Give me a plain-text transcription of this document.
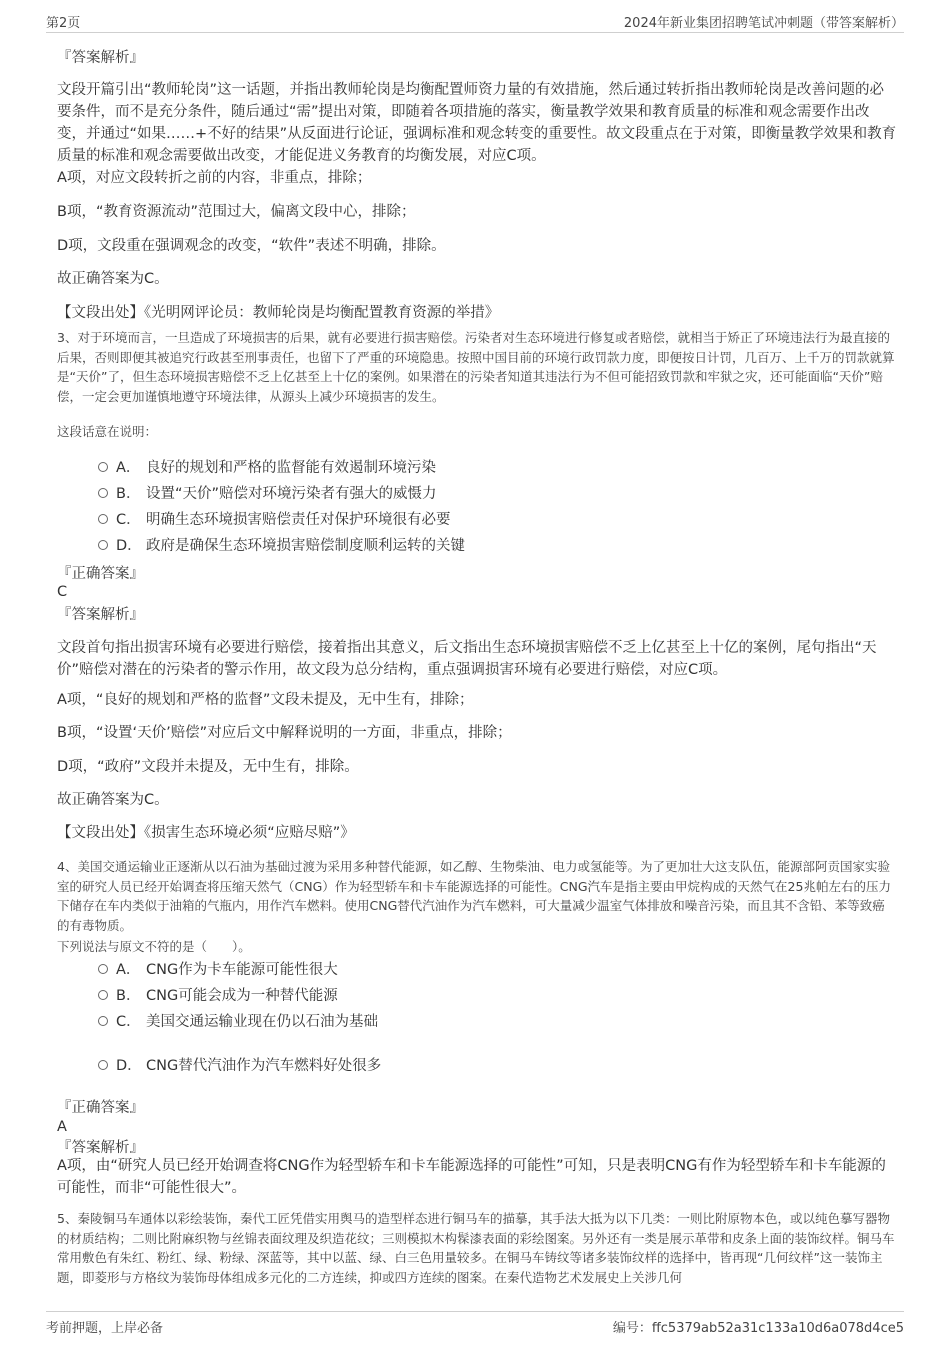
第2页	2024年新业集团招聘笔试冲刺题（带答案解析）

『答案解析』

文段开篇引出“教师轮岗”这一话题，并指出教师轮岗是均衡配置师资力量的有效措施，然后通过转折指出教师轮岗是改善问题的必要条件，而不是充分条件，随后通过“需”提出对策，即随着各项措施的落实，衡量教学效果和教育质量的标准和观念需要作出改变，并通过“如果……+不好的结果”从反面进行论证，强调标准和观念转变的重要性。故文段重点在于对策，即衡量教学效果和教育质量的标准和观念需要做出改变，才能促进义务教育的均衡发展，对应C项。

A项，对应文段转折之前的内容，非重点，排除；

B项，“教育资源流动”范围过大，偏离文段中心，排除；

D项，文段重在强调观念的改变，“软件”表述不明确，排除。

故正确答案为C。

【文段出处】《光明网评论员：教师轮岗是均衡配置教育资源的举措》

3、对于环境而言，一旦造成了环境损害的后果，就有必要进行损害赔偿。污染者对生态环境进行修复或者赔偿，就相当于矫正了环境违法行为最直接的后果，否则即便其被追究行政甚至刑事责任，也留下了严重的环境隐患。按照中国目前的环境行政罚款力度，即便按日计罚，几百万、上千万的罚款就算是“天价”了，但生态环境损害赔偿不乏上亿甚至上十亿的案例。如果潜在的污染者知道其违法行为不但可能招致罚款和牢狱之灾，还可能面临“天价”赔偿，一定会更加谨慎地遵守环境法律，从源头上减少环境损害的发生。

这段话意在说明：

A． 良好的规划和严格的监督能有效遏制环境污染
B． 设置“天价”赔偿对环境污染者有强大的威慑力
C． 明确生态环境损害赔偿责任对保护环境很有必要
D． 政府是确保生态环境损害赔偿制度顺利运转的关键

『正确答案』

C

『答案解析』

文段首句指出损害环境有必要进行赔偿，接着指出其意义，后文指出生态环境损害赔偿不乏上亿甚至上十亿的案例，尾句指出“天价”赔偿对潜在的污染者的警示作用，故文段为总分结构，重点强调损害环境有必要进行赔偿，对应C项。

A项，“良好的规划和严格的监督”文段未提及，无中生有，排除；

B项，“设置‘天价’赔偿”对应后文中解释说明的一方面，非重点，排除；

D项，“政府”文段并未提及，无中生有，排除。

故正确答案为C。

【文段出处】《损害生态环境必须“应赔尽赔”》

4、美国交通运输业正逐渐从以石油为基础过渡为采用多种替代能源，如乙醇、生物柴油、电力或氢能等。为了更加壮大这支队伍，能源部阿贡国家实验室的研究人员已经开始调查将压缩天然气（CNG）作为轻型轿车和卡车能源选择的可能性。CNG汽车是指主要由甲烷构成的天然气在25兆帕左右的压力下储存在车内类似于油箱的气瓶内，用作汽车燃料。使用CNG替代汽油作为汽车燃料，可大量减少温室气体排放和噪音污染，而且其不含铅、苯等致癌的有毒物质。

下列说法与原文不符的是（　　）。

A． CNG作为卡车能源可能性很大
B． CNG可能会成为一种替代能源
C． 美国交通运输业现在仍以石油为基础
D． CNG替代汽油作为汽车燃料好处很多

『正确答案』

A

『答案解析』

A项，由“研究人员已经开始调查将CNG作为轻型轿车和卡车能源选择的可能性”可知，只是表明CNG有作为轻型轿车和卡车能源的可能性，而非“可能性很大”。

5、秦陵铜马车通体以彩绘装饰，秦代工匠凭借实用舆马的造型样态进行铜马车的描摹，其手法大抵为以下几类：一则比附原物本色，或以纯色摹写器物的材质结构；二则比附麻织物与丝锦表面纹理及织造花纹；三则模拟木构髹漆表面的彩绘图案。另外还有一类是展示革带和皮条上面的装饰纹样。铜马车常用敷色有朱红、粉红、绿、粉绿、深蓝等，其中以蓝、绿、白三色用量较多。在铜马车铸纹等诸多装饰纹样的选择中，皆再现“几何纹样”这一装饰主题，即菱形与方格纹为装饰母体组成多元化的二方连续，抑或四方连续的图案。在秦代造物艺术发展史上关涉几何

考前押题，上岸必备	编号：ffc5379ab52a31c133a10d6a078d4ce5
